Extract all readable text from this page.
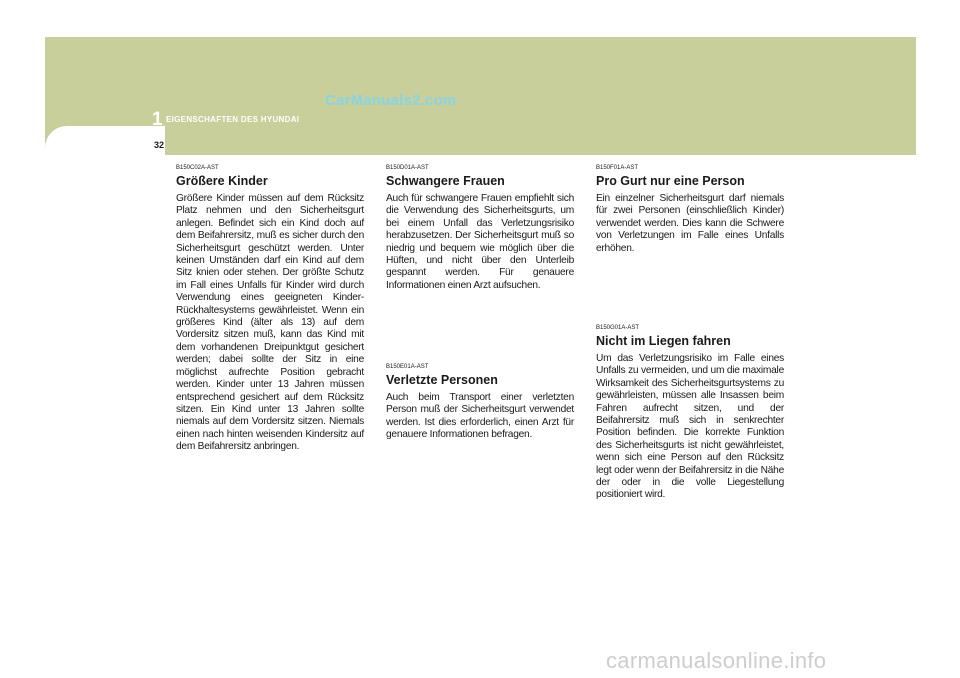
1 EIGENSCHAFTEN DES HYUNDAI
32
CarManuals2.com
B150C02A-AST
Größere Kinder
Größere Kinder müssen auf dem Rücksitz Platz nehmen und den Sicherheitsgurt anlegen. Befindet sich ein Kind doch auf dem Beifahrersitz, muß es sicher durch den Sicherheitsgurt geschützt werden. Unter keinen Umständen darf ein Kind auf dem Sitz knien oder stehen. Der größte Schutz im Fall eines Unfalls für Kinder wird durch Verwendung eines geeigneten Kinder-Rückhaltesystems gewährleistet. Wenn ein größeres Kind (älter als 13) auf dem Vordersitz sitzen muß, kann das Kind mit dem vorhandenen Dreipunktgut gesichert werden; dabei sollte der Sitz in eine möglichst aufrechte Position gebracht werden. Kinder unter 13 Jahren müssen entsprechend gesichert auf dem Rücksitz sitzen. Ein Kind unter 13 Jahren sollte niemals auf dem Vordersitz sitzen. Niemals einen nach hinten weisenden Kindersitz auf dem Beifahrersitz anbringen.
B150D01A-AST
Schwangere Frauen
Auch für schwangere Frauen empfiehlt sich die Verwendung des Sicherheitsgurts, um bei einem Unfall das Verletzungsrisiko herabzusetzen. Der Sicherheitsgurt muß so niedrig und bequem wie möglich über die Hüften, und nicht über den Unterleib gespannt werden. Für genauere Informationen einen Arzt aufsuchen.
B150E01A-AST
Verletzte Personen
Auch beim Transport einer verletzten Person muß der Sicherheitsgurt verwendet werden. Ist dies erforderlich, einen Arzt für genauere Informationen befragen.
B150F01A-AST
Pro Gurt nur eine Person
Ein einzelner Sicherheitsgurt darf niemals für zwei Personen (einschließlich Kinder) verwendet werden. Dies kann die Schwere von Verletzungen im Falle eines Unfalls erhöhen.
B150G01A-AST
Nicht im Liegen fahren
Um das Verletzungsrisiko im Falle eines Unfalls zu vermeiden, und um die maximale Wirksamkeit des Sicherheitsgurtsystems zu gewährleisten, müssen alle Insassen beim Fahren aufrecht sitzen, und der Beifahrersitz muß sich in senkrechter Position befinden. Die korrekte Funktion des Sicherheitsgurts ist nicht gewährleistet, wenn sich eine Person auf den Rücksitz legt oder wenn der Beifahrersitz in die Nähe der oder in die volle Liegestellung positioniert wird.
carmanualsonline.info
